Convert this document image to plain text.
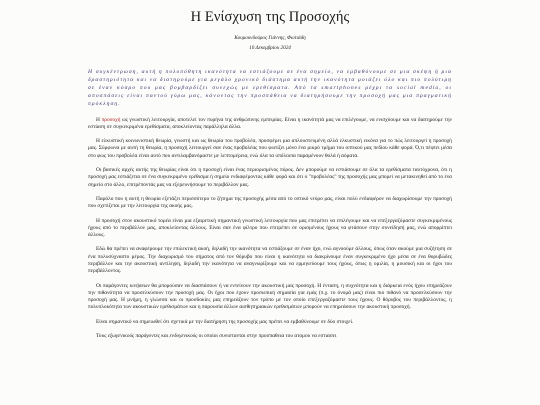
Η Ενίσχυση της Προσοχής
Κουμουνδούρος Γιάννης, Φωτιάδη
10 Δεκεμβρίου 2024
Η συγκέντρωση, αυτή η πολυπόθητη ικανότητα να εστιάζουμε σε ένα σημείο, να εμβαθύνουμε σε μια σκέψη ή μια δραστηριότητα και να διατηρούμε για μεγάλο χρονικό διάστημα αυτή την ικανότητα μοιάζει όλο και πιο πολύτιμη σε έναν κόσμο που μας βομβαρδίζει συνεχώς με ερεθίσματα. Από τα smartphones μέχρι τα social media, οι αποσπάσεις είναι παντού γύρω μας, κάνοντας την προσπάθεια να διατηρήσουμε την προσοχή μας μια πραγματική πρόκληση.

Η προσοχή ως γνωστική λειτουργία, αποτελεί τον πυρήνα της ανθρώπινης εμπειρίας. Είναι η ικανότητά μας να επιλέγουμε, να ενισχύουμε και να διατηρούμε την εστίαση σε συγκεκριμένα ερεθίσματα, αποκλείοντας παράλληλα άλλα.

Η ελκυστική κοινωνιστική θεωρία, γνωστή και ως θεωρία του προβολέα, προσφέρει μια απλουστευμένη αλλά ελκυστική εικόνα για το πώς λειτουργεί η προσοχή μας. Σύμφωνα με αυτή τη θεωρία, η προσοχή λειτουργεί σαν ένας προβολέας που φωτίζει μόνο ένα μικρό τμήμα του οπτικού μας πεδίου κάθε φορά. Ό,τι πέφτει μέσα στο φως του προβολέα είναι αυτό που αντιλαμβανόμαστε με λεπτομέρεια, ενώ όλα τα υπόλοιπα παραμένουν θολά ή αόρατα.

Οι βασικές αρχές αυτής της θεωρίας είναι ότι η προσοχή είναι ένας περιορισμένος πόρος. Δεν μπορούμε να εστιάσουμε σε όλα τα ερεθίσματα ταυτόχρονα, ότι η προσοχή μας εστιάζεται σε ένα συγκεκριμένο ερέθισμα ή σημείο ενδιαφέροντος κάθε φορά και ότι ο "προβολέας" της προσοχής μας μπορεί να μετακινηθεί από το ένα σημείο στο άλλο, επιτρέποντάς μας να εξερευνήσουμε το περιβάλλον μας.

Παρόλο που η αυτή η θεωρία εξετάζει περισσότερο το ζήτημα της προσοχής μέσα από το οπτικό νεύρο μας, είναι πολύ ενδιαφέρον να διαχωρίσουμε την προσοχή που σχετίζεται με την λειτουργία της ακοής μας.

Η προσοχή στον ακουστικό τομέα είναι μια εξαιρετική σημαντική γνωστική λειτουργία που μας επιτρέπει να επιλέγουμε και να επεξεργαζόμαστε συγκεκριμένους ήχους από το περιβάλλον μας, αποκλείοντας άλλους. Είναι σαν ένα φίλτρο που επιτρέπει σε ορισμένους ήχους να φτάσουν στην συνείδησή μας, ενώ απορρίπτει άλλους.

Εδώ θα πρέπει να αναφέρουμε την επιλεκτική ακοή, δηλαδή την ικανότητα να εστιάζουμε σε έναν ήχο, ενώ αγνοούμε άλλους, όπως όταν ακούμε μια συζήτηση σε ένα πολυσύχναστο μέρος. Την διαχωρισμό του σήματος από τον θόρυβο που είναι η ικανότητα να διακρίνουμε έναν συγκεκριμένο ήχο μέσα σε ένα θορυβώδες περιβάλλον και την ακουστική αντίληψη, δηλαδή την ικανότητα να αναγνωρίζουμε και να ερμηνεύουμε τους ήχους, όπως η ομιλία, η μουσική και οι ήχοι του περιβάλλοντος.

Οι παράγοντες κινήσεων θα μπορούσαν να διασπάσουν ή να εντείνουν την ακουστική μας προσοχή. Η ένταση, η συχνότητα και η διάρκεια ενός ήχου επηρεάζουν την πιθανότητα να προσελκύσουν την προσοχή μας. Οι ήχοι που έχουν προσωπική σημασία για εμάς (π.χ. το όνομά μας) είναι πιο πιθανό να προσελκύσουν την προσοχή μας. Η μνήμη, η γλώσσα και οι προσδοκίες μας επηρεάζουν τον τρόπο με τον οποίο επεξεργαζόμαστε τους ήχους. Ο θόρυβος του περιβάλλοντος, η πολυπλοκότητα των ακουστικών ερεθισμάτων και η παρουσία άλλων αισθητηριακών ερεθισμάτων μπορούν να επηρεάσουν την ακουστική προσοχή.

Είναι σημαντικό να σημειωθεί ότι σχετικά με την διατήρηση της προσοχής μας πρέπει να εμβαθύνουμε σε δύο στοιχεί.

Τους εξωγενικούς παράγοντες και ενδογενικούς οι οποίοι συνιστανται στην προσπαθεια του ατομου να εστιασει
